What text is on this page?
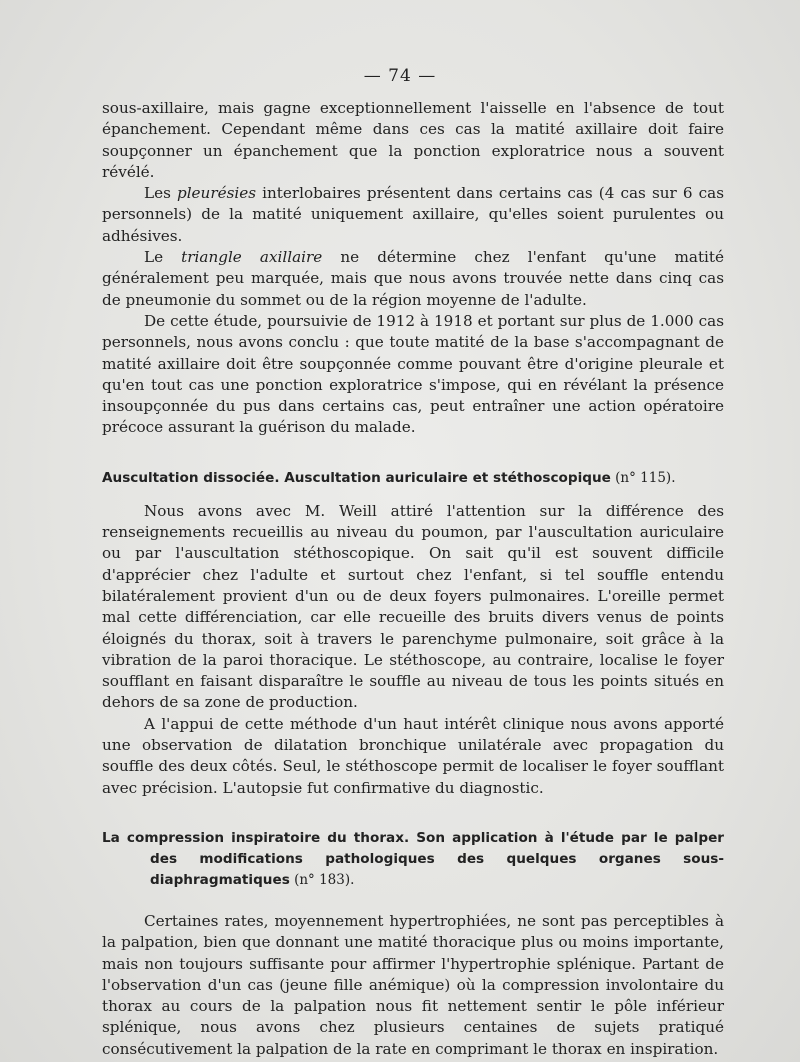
— 74 —

sous-axillaire, mais gagne exceptionnellement l'aisselle en l'absence de tout épanchement. Cependant même dans ces cas la matité axillaire doit faire soupçonner un épanchement que la ponction exploratrice nous a souvent révélé.

Les pleurésies interlobaires présentent dans certains cas (4 cas sur 6 cas personnels) de la matité uniquement axillaire, qu'elles soient purulentes ou adhésives.

Le triangle axillaire ne détermine chez l'enfant qu'une matité généralement peu marquée, mais que nous avons trouvée nette dans cinq cas de pneumonie du sommet ou de la région moyenne de l'adulte.

De cette étude, poursuivie de 1912 à 1918 et portant sur plus de 1.000 cas personnels, nous avons conclu : que toute matité de la base s'accompagnant de matité axillaire doit être soupçonnée comme pouvant être d'origine pleurale et qu'en tout cas une ponction exploratrice s'impose, qui en révélant la présence insoupçonnée du pus dans certains cas, peut entraîner une action opératoire précoce assurant la guérison du malade.

Auscultation dissociée. Auscultation auriculaire et stéthoscopique (n° 115).

Nous avons avec M. Weill attiré l'attention sur la différence des renseignements recueillis au niveau du poumon, par l'auscultation auriculaire ou par l'auscultation stéthoscopique. On sait qu'il est souvent difficile d'apprécier chez l'adulte et surtout chez l'enfant, si tel souffle entendu bilatéralement provient d'un ou de deux foyers pulmonaires. L'oreille permet mal cette différenciation, car elle recueille des bruits divers venus de points éloignés du thorax, soit à travers le parenchyme pulmonaire, soit grâce à la vibration de la paroi thoracique. Le stéthoscope, au contraire, localise le foyer soufflant en faisant disparaître le souffle au niveau de tous les points situés en dehors de sa zone de production.

A l'appui de cette méthode d'un haut intérêt clinique nous avons apporté une observation de dilatation bronchique unilatérale avec propagation du souffle des deux côtés. Seul, le stéthoscope permit de localiser le foyer soufflant avec précision. L'autopsie fut confirmative du diagnostic.

La compression inspiratoire du thorax. Son application à l'étude par le palper des modifications pathologiques des quelques organes sous-diaphragmatiques (n° 183).

Certaines rates, moyennement hypertrophiées, ne sont pas perceptibles à la palpation, bien que donnant une matité thoracique plus ou moins importante, mais non toujours suffisante pour affirmer l'hypertrophie splénique. Partant de l'observation d'un cas (jeune fille anémique) où la compression involontaire du thorax au cours de la palpation nous fit nettement sentir le pôle inférieur splénique, nous avons chez plusieurs centaines de sujets pratiqué consécutivement la palpation de la rate en comprimant le thorax en inspiration.
